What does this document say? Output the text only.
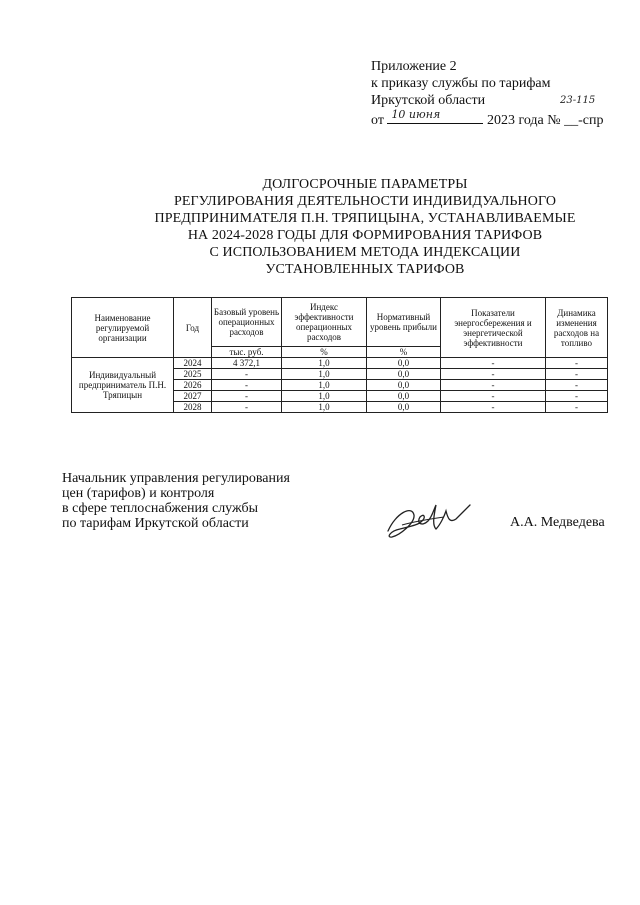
Приложение 2
к приказу службы по тарифам
Иркутской области
от 10 июня	2023 года № __-спр
23-115
ДОЛГОСРОЧНЫЕ ПАРАМЕТРЫ
РЕГУЛИРОВАНИЯ ДЕЯТЕЛЬНОСТИ ИНДИВИДУАЛЬНОГО
ПРЕДПРИНИМАТЕЛЯ П.Н. ТРЯПИЦЫНА, УСТАНАВЛИВАЕМЫЕ
НА 2024-2028 ГОДЫ ДЛЯ ФОРМИРОВАНИЯ ТАРИФОВ
С ИСПОЛЬЗОВАНИЕМ МЕТОДА ИНДЕКСАЦИИ
УСТАНОВЛЕННЫХ ТАРИФОВ
Наименование регулируемой организации	Год	Базовый уровень операционных расходов	Индекс эффективности операционных расходов	Нормативный уровень прибыли	Показатели энергосбережения и энергетической эффективности	Динамика изменения расходов на топливо
		тыс. руб.	%	%		
Индивидуальный предприниматель П.Н. Тряпицын	2024	4 372,1	1,0	0,0	-	-
	2025	-	1,0	0,0	-	-
	2026	-	1,0	0,0	-	-
	2027	-	1,0	0,0	-	-
	2028	-	1,0	0,0	-	-
Начальник управления регулирования
цен (тарифов) и контроля
в сфере теплоснабжения службы
по тарифам Иркутской области	А.А. Медведева
